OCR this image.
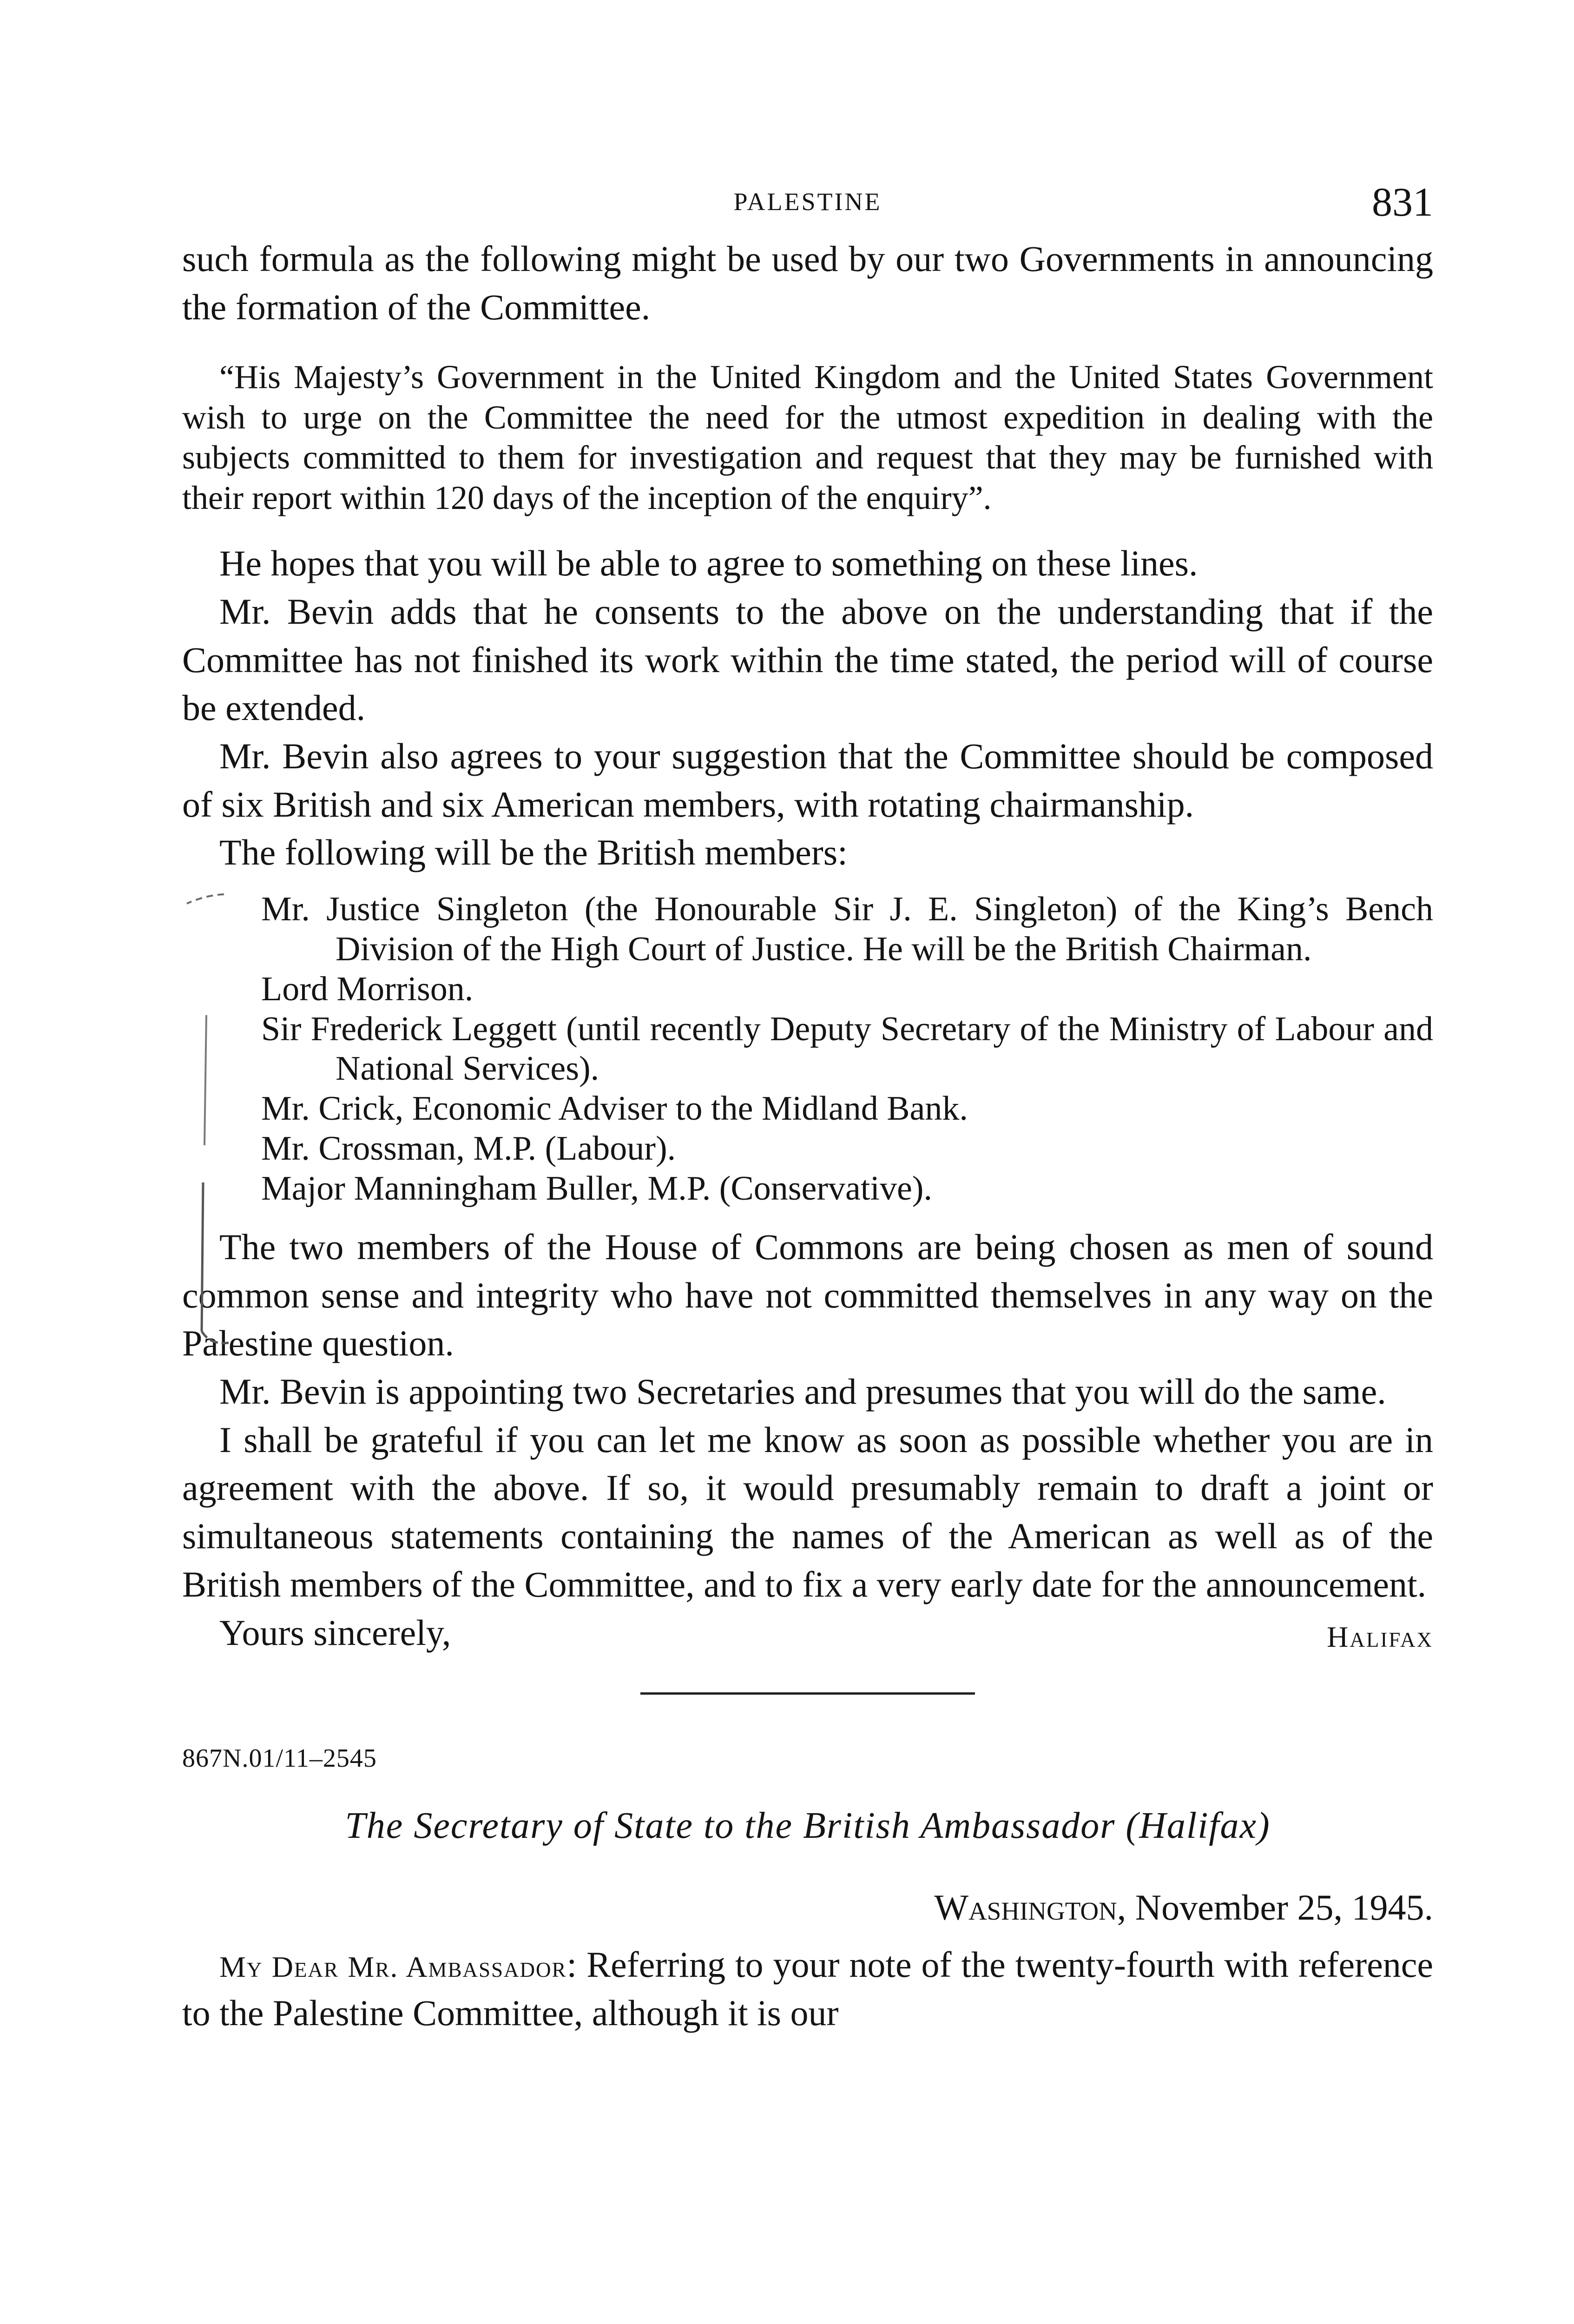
PALESTINE	831

such formula as the following might be used by our two Governments in announcing the formation of the Committee.

“His Majesty’s Government in the United Kingdom and the United States Government wish to urge on the Committee the need for the utmost expedition in dealing with the subjects committed to them for investigation and request that they may be furnished with their report within 120 days of the inception of the enquiry”.

He hopes that you will be able to agree to something on these lines.

Mr. Bevin adds that he consents to the above on the understanding that if the Committee has not finished its work within the time stated, the period will of course be extended.

Mr. Bevin also agrees to your suggestion that the Committee should be composed of six British and six American members, with rotating chairmanship.

The following will be the British members:

Mr. Justice Singleton (the Honourable Sir J. E. Singleton) of the King’s Bench Division of the High Court of Justice. He will be the British Chairman.
Lord Morrison.
Sir Frederick Leggett (until recently Deputy Secretary of the Ministry of Labour and National Services).
Mr. Crick, Economic Adviser to the Midland Bank.
Mr. Crossman, M.P. (Labour).
Major Manningham Buller, M.P. (Conservative).

The two members of the House of Commons are being chosen as men of sound common sense and integrity who have not committed themselves in any way on the Palestine question.

Mr. Bevin is appointing two Secretaries and presumes that you will do the same.

I shall be grateful if you can let me know as soon as possible whether you are in agreement with the above. If so, it would presumably remain to draft a joint or simultaneous statements containing the names of the American as well as of the British members of the Committee, and to fix a very early date for the announcement.

Yours sincerely,	Halifax
867N.01/11–2545
The Secretary of State to the British Ambassador (Halifax)
Washington, November 25, 1945.

My Dear Mr. Ambassador: Referring to your note of the twenty-fourth with reference to the Palestine Committee, although it is our
